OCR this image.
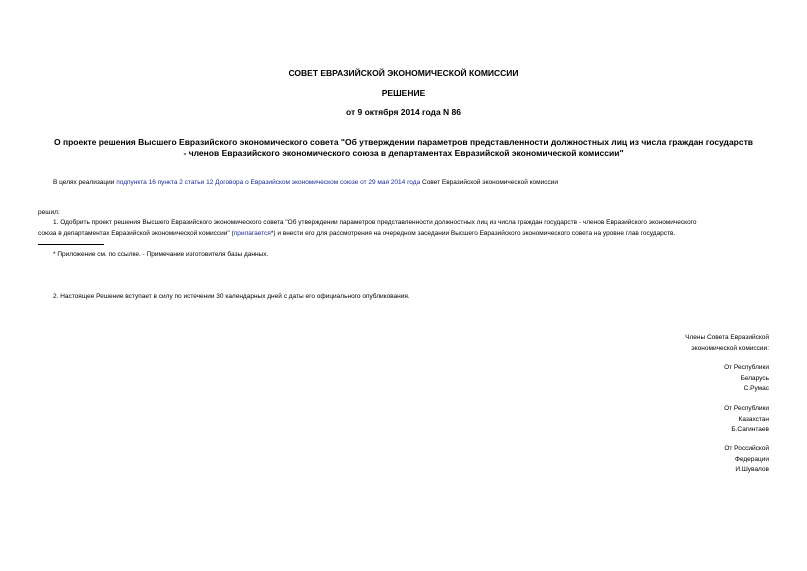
СОВЕТ ЕВРАЗИЙСКОЙ ЭКОНОМИЧЕСКОЙ КОМИССИИ
РЕШЕНИЕ
от 9 октября 2014 года N 86
О проекте решения Высшего Евразийского экономического совета "Об утверждении параметров представленности должностных лиц из числа граждан государств
- членов Евразийского экономического союза в департаментах Евразийской экономической комиссии"
В целях реализации подпункта 16 пункта 2 статьи 12 Договора о Евразийском экономическом союзе от 29 мая 2014 года Совет Евразийской экономической комиссии
решил:
1. Одобрить проект решения Высшего Евразийского экономического совета "Об утверждении параметров представленности должностных лиц из числа граждан государств - членов Евразийского экономического
союза в департаментах Евразийской экономической комиссии" (прилагается*) и внести его для рассмотрения на очередном заседании Высшего Евразийского экономического совета на уровне глав государств.
* Приложение см. по ссылке. - Примечание изготовителя базы данных.
2. Настоящее Решение вступает в силу по истечении 30 календарных дней с даты его официального опубликования.
Члены Совета Евразийской
экономической комиссии:
От Республики
Беларусь
С.Румас
От Республики
Казахстан
Б.Сагинтаев
От Российской
Федерации
И.Шувалов
